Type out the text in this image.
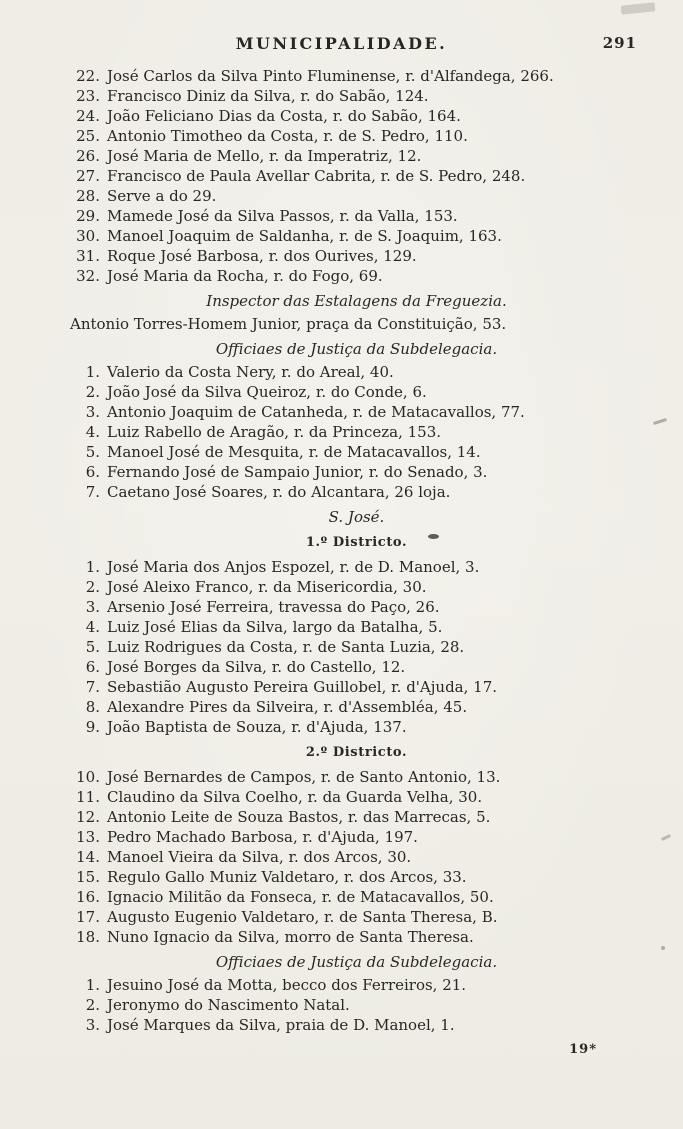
MUNICIPALIDADE.	291
22. José Carlos da Silva Pinto Fluminense, r. d'Alfandega, 266.
23. Francisco Diniz da Silva, r. do Sabão, 124.
24. João Feliciano Dias da Costa, r. do Sabão, 164.
25. Antonio Timotheo da Costa, r. de S. Pedro, 110.
26. José Maria de Mello, r. da Imperatriz, 12.
27. Francisco de Paula Avellar Cabrita, r. de S. Pedro, 248.
28. Serve a do 29.
29. Mamede José da Silva Passos, r. da Valla, 153.
30. Manoel Joaquim de Saldanha, r. de S. Joaquim, 163.
31. Roque José Barbosa, r. dos Ourives, 129.
32. José Maria da Rocha, r. do Fogo, 69.
Inspector das Estalagens da Freguezia.
Antonio Torres-Homem Junior, praça da Constituição, 53.
Officiaes de Justiça da Subdelegacia.
1. Valerio da Costa Nery, r. do Areal, 40.
2. João José da Silva Queiroz, r. do Conde, 6.
3. Antonio Joaquim de Catanheda, r. de Matacavallos, 77.
4. Luiz Rabello de Aragão, r. da Princeza, 153.
5. Manoel José de Mesquita, r. de Matacavallos, 14.
6. Fernando José de Sampaio Junior, r. do Senado, 3.
7. Caetano José Soares, r. do Alcantara, 26 loja.
S. José.
1.º Districto.
1. José Maria dos Anjos Espozel, r. de D. Manoel, 3.
2. José Aleixo Franco, r. da Misericordia, 30.
3. Arsenio José Ferreira, travessa do Paço, 26.
4. Luiz José Elias da Silva, largo da Batalha, 5.
5. Luiz Rodrigues da Costa, r. de Santa Luzia, 28.
6. José Borges da Silva, r. do Castello, 12.
7. Sebastião Augusto Pereira Guillobel, r. d'Ajuda, 17.
8. Alexandre Pires da Silveira, r. d'Assembléa, 45.
9. João Baptista de Souza, r. d'Ajuda, 137.
2.º Districto.
10. José Bernardes de Campos, r. de Santo Antonio, 13.
11. Claudino da Silva Coelho, r. da Guarda Velha, 30.
12. Antonio Leite de Souza Bastos, r. das Marrecas, 5.
13. Pedro Machado Barbosa, r. d'Ajuda, 197.
14. Manoel Vieira da Silva, r. dos Arcos, 30.
15. Regulo Gallo Muniz Valdetaro, r. dos Arcos, 33.
16. Ignacio Militão da Fonseca, r. de Matacavallos, 50.
17. Augusto Eugenio Valdetaro, r. de Santa Theresa, B.
18. Nuno Ignacio da Silva, morro de Santa Theresa.
Officiaes de Justiça da Subdelegacia.
1. Jesuino José da Motta, becco dos Ferreiros, 21.
2. Jeronymo do Nascimento Natal.
3. José Marques da Silva, praia de D. Manoel, 1.
19*
